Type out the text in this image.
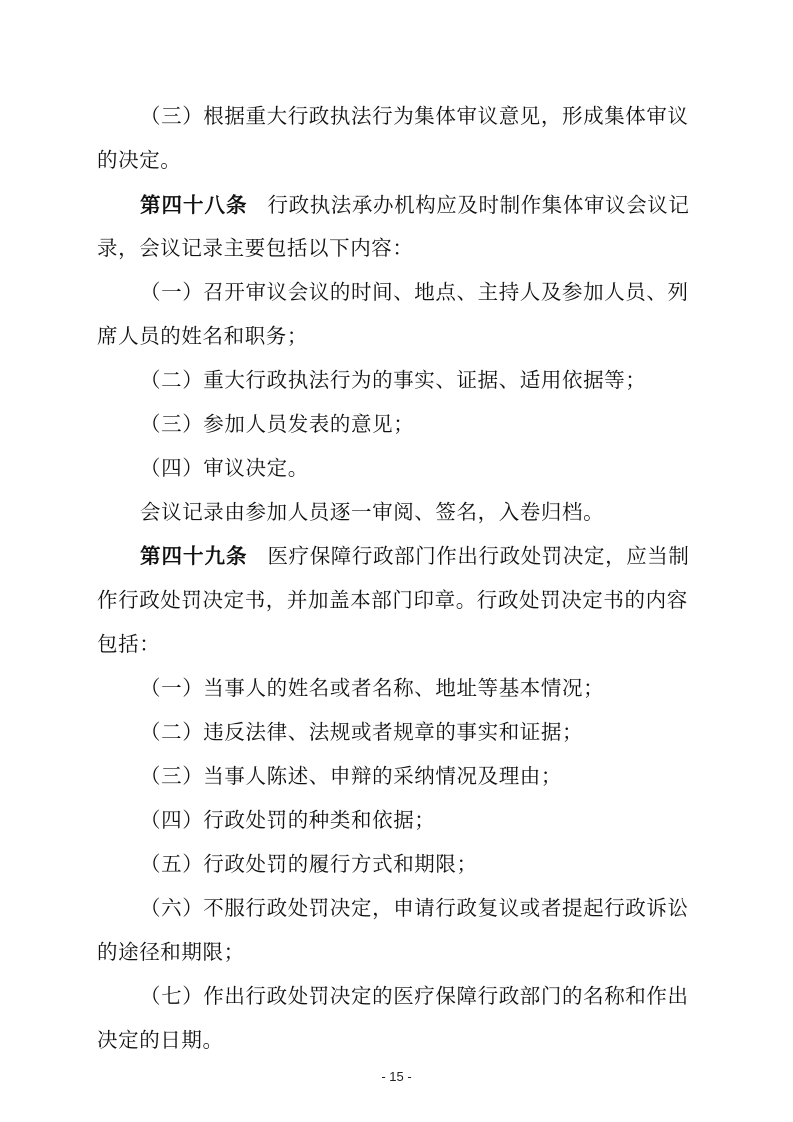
（三）根据重大行政执法行为集体审议意见，形成集体审议
的决定。
第四十八条 行政执法承办机构应及时制作集体审议会议记
录，会议记录主要包括以下内容：
（一）召开审议会议的时间、地点、主持人及参加人员、列
席人员的姓名和职务；
（二）重大行政执法行为的事实、证据、适用依据等；
（三）参加人员发表的意见；
（四）审议决定。
会议记录由参加人员逐一审阅、签名，入卷归档。
第四十九条 医疗保障行政部门作出行政处罚决定，应当制
作行政处罚决定书，并加盖本部门印章。行政处罚决定书的内容
包括：
（一）当事人的姓名或者名称、地址等基本情况；
（二）违反法律、法规或者规章的事实和证据；
（三）当事人陈述、申辩的采纳情况及理由；
（四）行政处罚的种类和依据；
（五）行政处罚的履行方式和期限；
（六）不服行政处罚决定，申请行政复议或者提起行政诉讼
的途径和期限；
（七）作出行政处罚决定的医疗保障行政部门的名称和作出
决定的日期。
- 15 -
